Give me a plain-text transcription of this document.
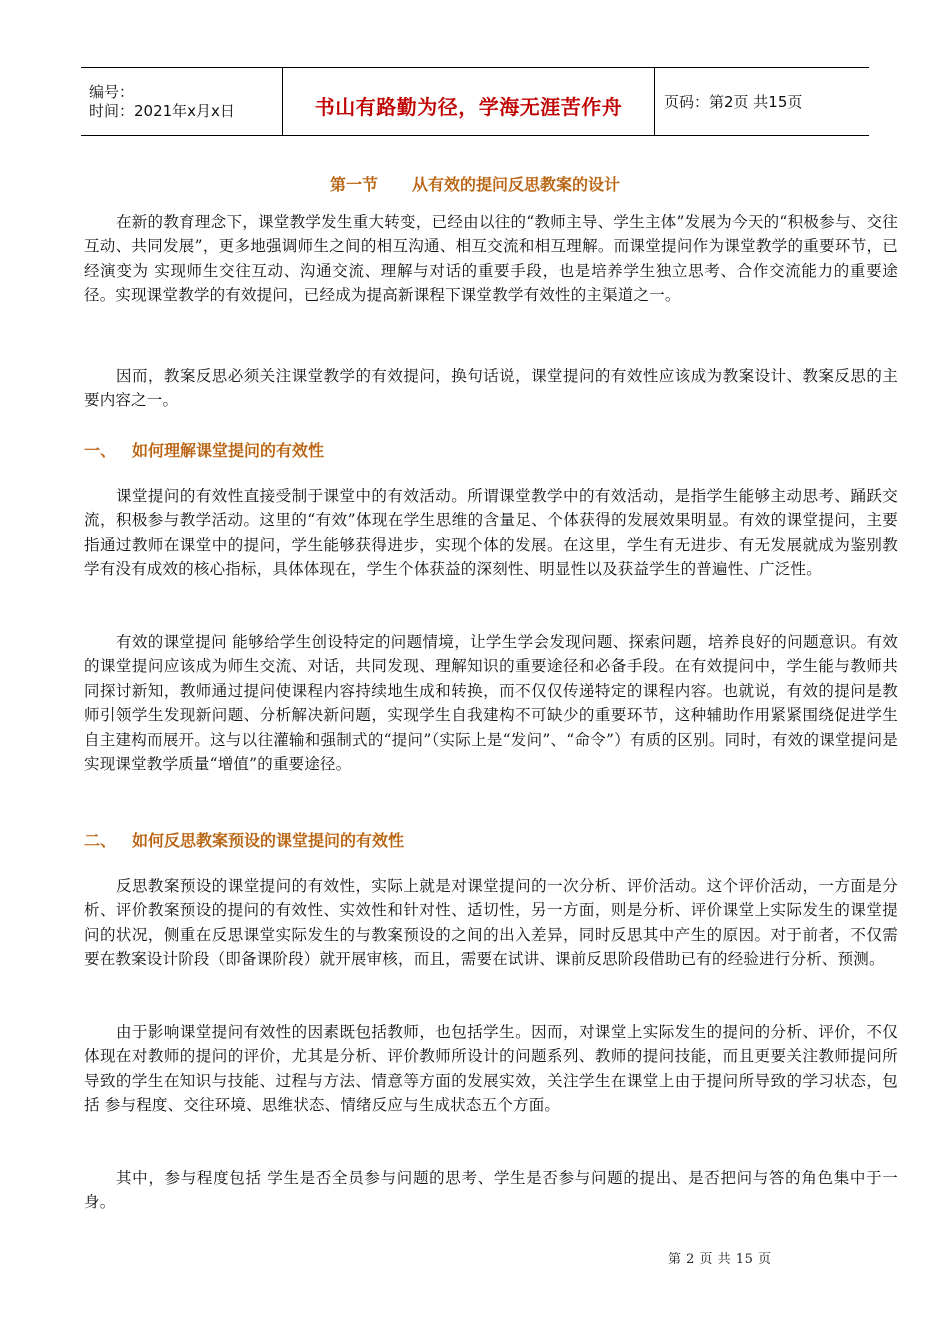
编号：
时间：2021年x月x日	书山有路勤为径，学海无涯苦作舟	页码：第2页 共15页
第一节 从有效的提问反思教案的设计

在新的教育理念下，课堂教学发生重大转变，已经由以往的“教师主导、学生主体”发展为今天的“积极参与、交往互动、共同发展”，更多地强调师生之间的相互沟通、相互交流和相互理解。而课堂提问作为课堂教学的重要环节，已经演变为 实现师生交往互动、沟通交流、理解与对话的重要手段，也是培养学生独立思考、合作交流能力的重要途径。实现课堂教学的有效提问，已经成为提高新课程下课堂教学有效性的主渠道之一。

因而，教案反思必须关注课堂教学的有效提问，换句话说，课堂提问的有效性应该成为教案设计、教案反思的主要内容之一。

一、 如何理解课堂提问的有效性

课堂提问的有效性直接受制于课堂中的有效活动。所谓课堂教学中的有效活动，是指学生能够主动思考、踊跃交流，积极参与教学活动。这里的“有效”体现在学生思维的含量足、个体获得的发展效果明显。有效的课堂提问，主要指通过教师在课堂中的提问，学生能够获得进步，实现个体的发展。在这里，学生有无进步、有无发展就成为鉴别教学有没有成效的核心指标，具体体现在，学生个体获益的深刻性、明显性以及获益学生的普遍性、广泛性。

有效的课堂提问 能够给学生创设特定的问题情境，让学生学会发现问题、探索问题，培养良好的问题意识。有效的课堂提问应该成为师生交流、对话，共同发现、理解知识的重要途径和必备手段。在有效提问中，学生能与教师共同探讨新知，教师通过提问使课程内容持续地生成和转换，而不仅仅传递特定的课程内容。也就说，有效的提问是教师引领学生发现新问题、分析解决新问题，实现学生自我建构不可缺少的重要环节，这种辅助作用紧紧围绕促进学生自主建构而展开。这与以往灌输和强制式的“提问”（实际上是“发问”、“命令”）有质的区别。同时，有效的课堂提问是实现课堂教学质量“增值”的重要途径。

二、 如何反思教案预设的课堂提问的有效性

反思教案预设的课堂提问的有效性，实际上就是对课堂提问的一次分析、评价活动。这个评价活动，一方面是分析、评价教案预设的提问的有效性、实效性和针对性、适切性，另一方面，则是分析、评价课堂上实际发生的课堂提问的状况，侧重在反思课堂实际发生的与教案预设的之间的出入差异，同时反思其中产生的原因。对于前者，不仅需要在教案设计阶段（即备课阶段）就开展审核，而且，需要在试讲、课前反思阶段借助已有的经验进行分析、预测。

由于影响课堂提问有效性的因素既包括教师，也包括学生。因而，对课堂上实际发生的提问的分析、评价，不仅体现在对教师的提问的评价，尤其是分析、评价教师所设计的问题系列、教师的提问技能，而且更要关注教师提问所导致的学生在知识与技能、过程与方法、情意等方面的发展实效，关注学生在课堂上由于提问所导致的学习状态，包括 参与程度、交往环境、思维状态、情绪反应与生成状态五个方面。

其中，参与程度包括 学生是否全员参与问题的思考、学生是否参与问题的提出、是否把问与答的角色集中于一身。

第 2 页 共 15 页
